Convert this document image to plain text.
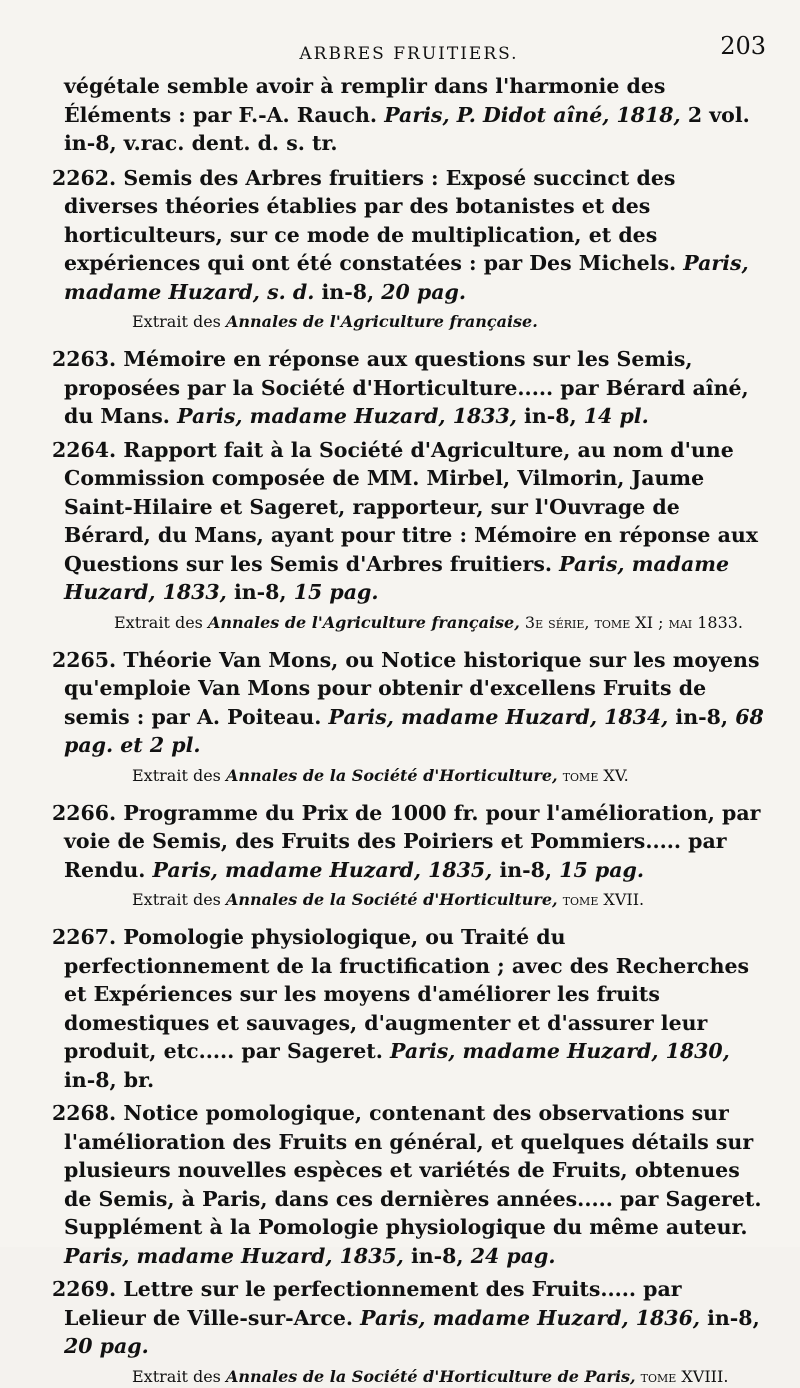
ARBRES FRUITIERS.	203

végétale semble avoir à remplir dans l'harmonie des Éléments : par F.-A. Rauch. Paris, P. Didot aîné, 1818, 2 vol. in-8, v.rac. dent. d. s. tr.

2262. Semis des Arbres fruitiers : Exposé succinct des diverses théories établies par des botanistes et des horticulteurs, sur ce mode de multiplication, et des expériences qui ont été constatées : par Des Michels. Paris, madame Huzard, s. d. in-8, 20 pag.

Extrait des Annales de l'Agriculture française.

2263. Mémoire en réponse aux questions sur les Semis, proposées par la Société d'Horticulture..... par Bérard aîné, du Mans. Paris, madame Huzard, 1833, in-8, 14 pl.

2264. Rapport fait à la Société d'Agriculture, au nom d'une Commission composée de MM. Mirbel, Vilmorin, Jaume Saint-Hilaire et Sageret, rapporteur, sur l'Ouvrage de Bérard, du Mans, ayant pour titre : Mémoire en réponse aux Questions sur les Semis d'Arbres fruitiers. Paris, madame Huzard, 1833, in-8, 15 pag.

Extrait des Annales de l'Agriculture française, 3e série, tome XI ; mai 1833.

2265. Théorie Van Mons, ou Notice historique sur les moyens qu'emploie Van Mons pour obtenir d'excellens Fruits de semis : par A. Poiteau. Paris, madame Huzard, 1834, in-8, 68 pag. et 2 pl.

Extrait des Annales de la Société d'Horticulture, tome XV.

2266. Programme du Prix de 1000 fr. pour l'amélioration, par voie de Semis, des Fruits des Poiriers et Pommiers..... par Rendu. Paris, madame Huzard, 1835, in-8, 15 pag.

Extrait des Annales de la Société d'Horticulture, tome XVII.

2267. Pomologie physiologique, ou Traité du perfectionnement de la fructification ; avec des Recherches et Expériences sur les moyens d'améliorer les fruits domestiques et sauvages, d'augmenter et d'assurer leur produit, etc..... par Sageret. Paris, madame Huzard, 1830, in-8, br.

2268. Notice pomologique, contenant des observations sur l'amélioration des Fruits en général, et quelques détails sur plusieurs nouvelles espèces et variétés de Fruits, obtenues de Semis, à Paris, dans ces dernières années..... par Sageret. Supplément à la Pomologie physiologique du même auteur. Paris, madame Huzard, 1835, in-8, 24 pag.

2269. Lettre sur le perfectionnement des Fruits..... par Lelieur de Ville-sur-Arce. Paris, madame Huzard, 1836, in-8, 20 pag.

Extrait des Annales de la Société d'Horticulture de Paris, tome XVIII.
